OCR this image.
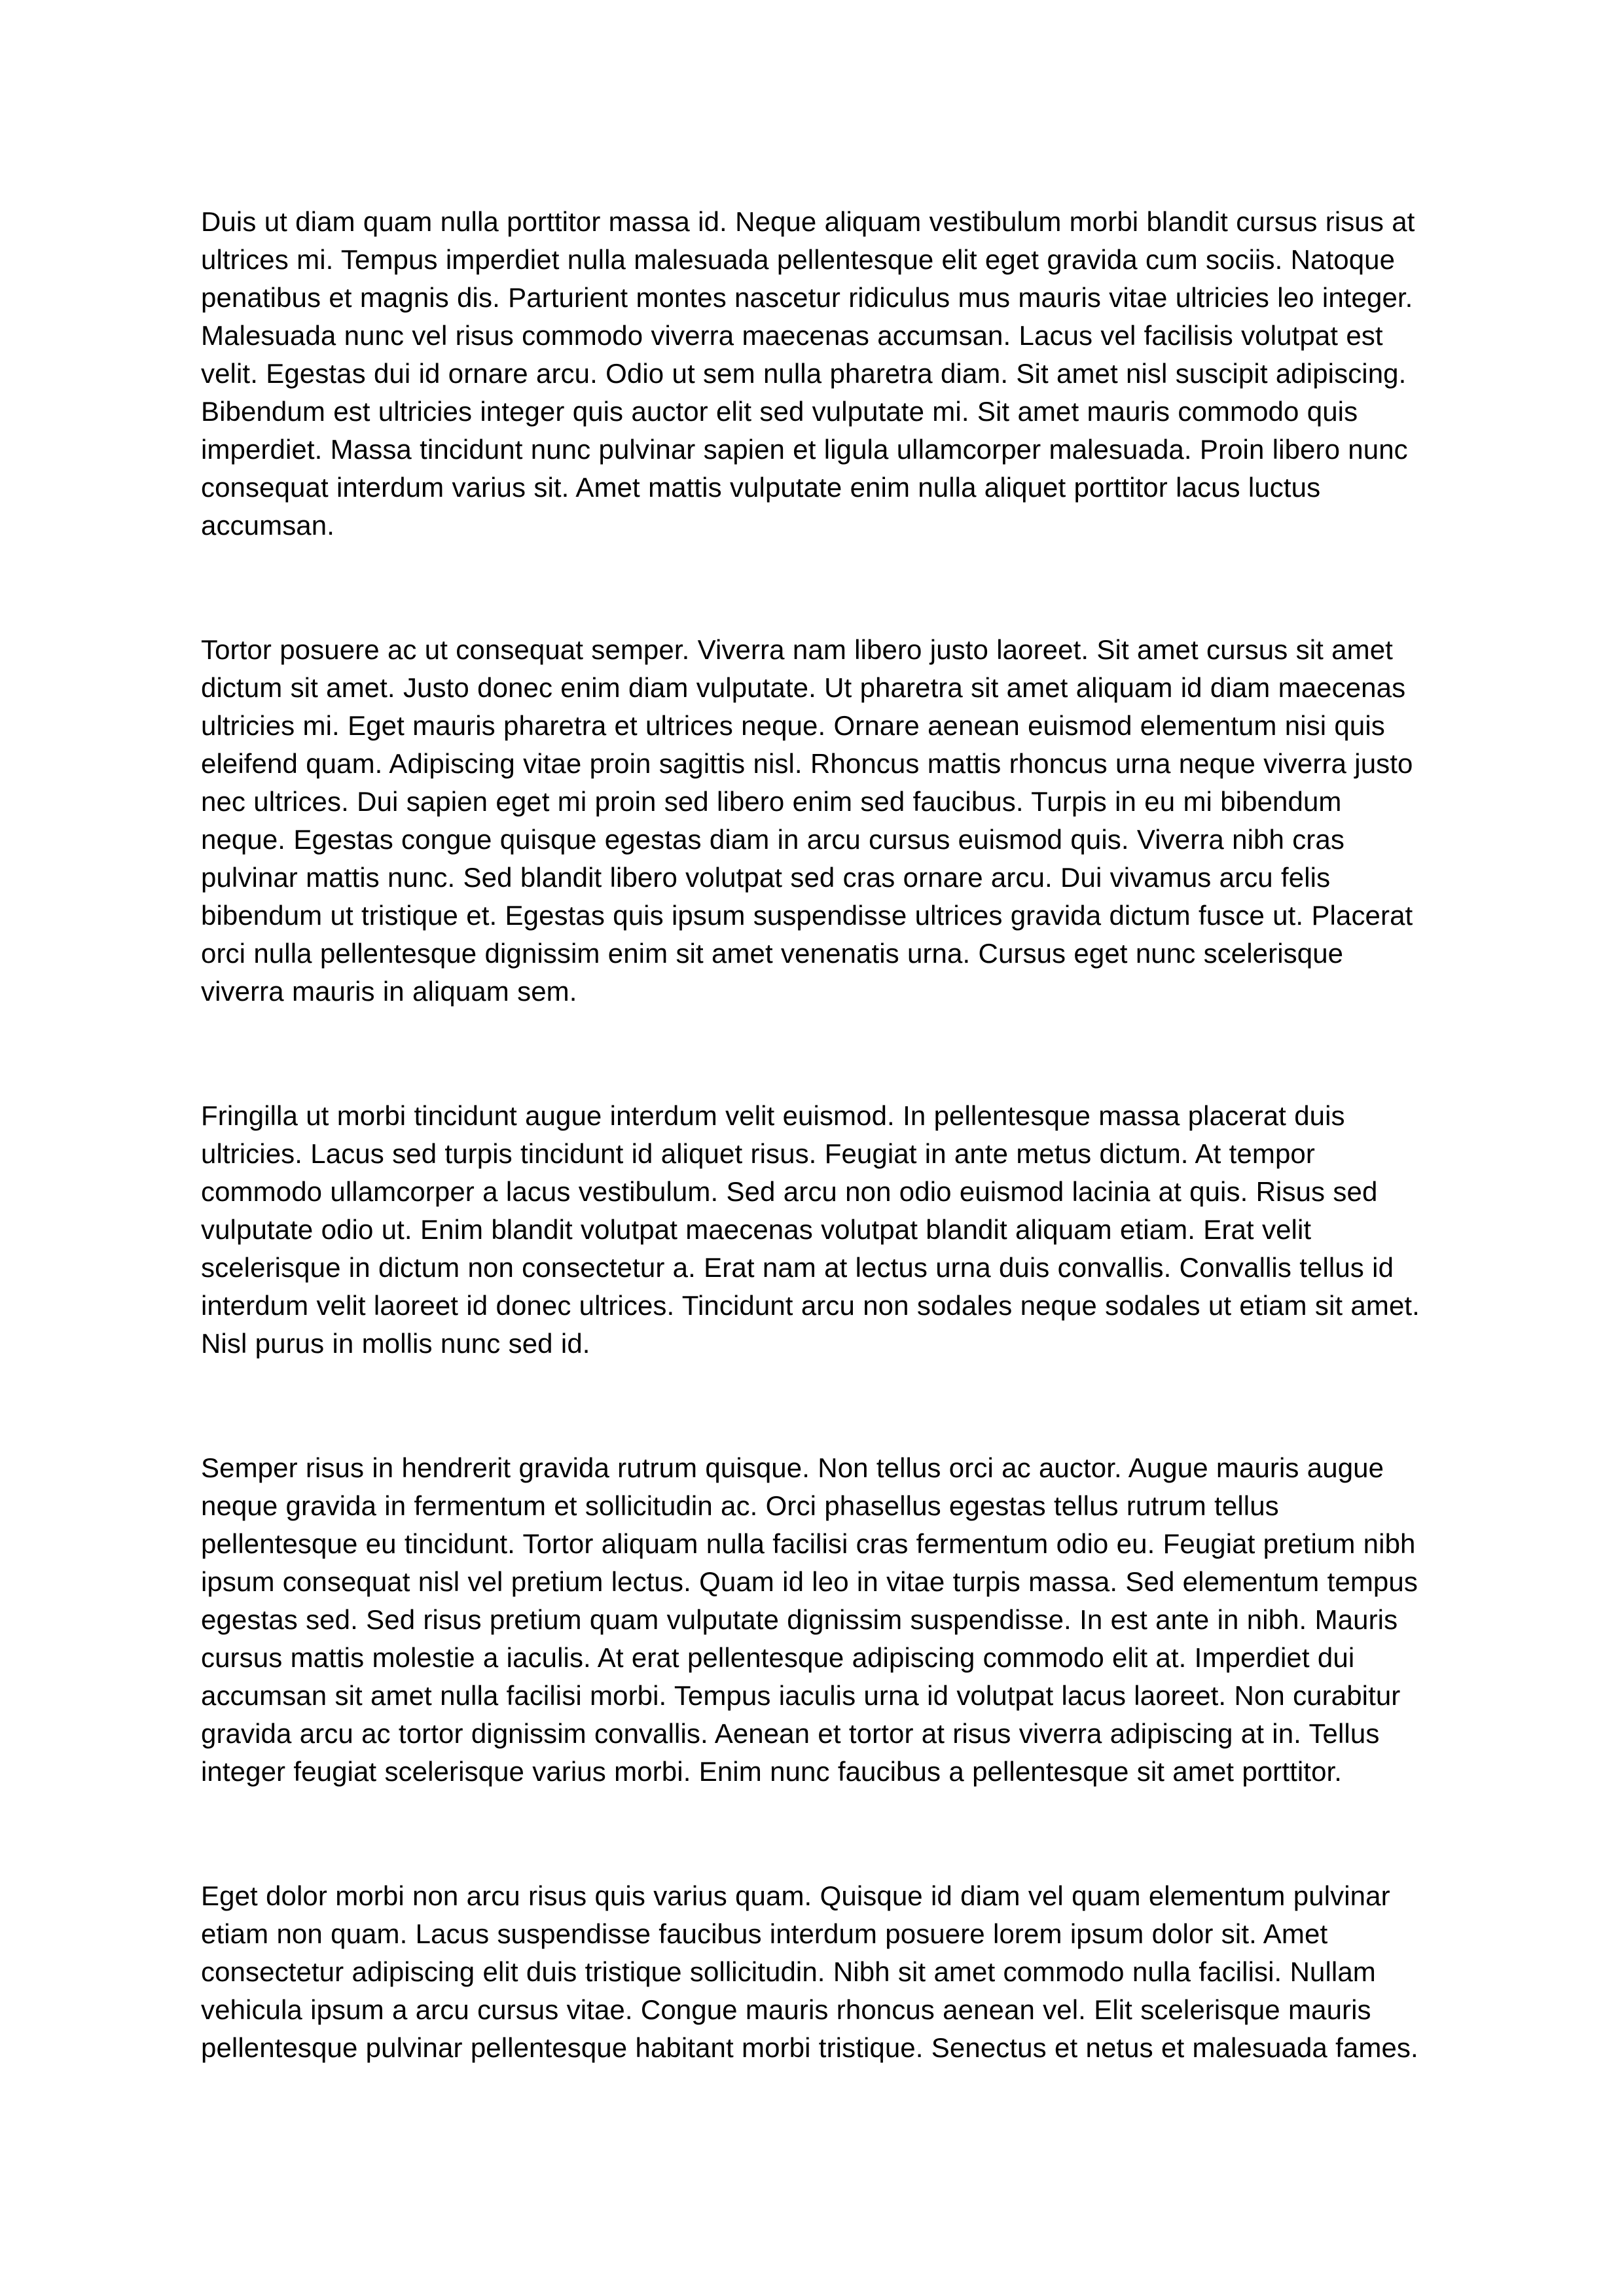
Duis ut diam quam nulla porttitor massa id. Neque aliquam vestibulum morbi blandit cursus risus at ultrices mi. Tempus imperdiet nulla malesuada pellentesque elit eget gravida cum sociis. Natoque penatibus et magnis dis. Parturient montes nascetur ridiculus mus mauris vitae ultricies leo integer. Malesuada nunc vel risus commodo viverra maecenas accumsan. Lacus vel facilisis volutpat est velit. Egestas dui id ornare arcu. Odio ut sem nulla pharetra diam. Sit amet nisl suscipit adipiscing. Bibendum est ultricies integer quis auctor elit sed vulputate mi. Sit amet mauris commodo quis imperdiet. Massa tincidunt nunc pulvinar sapien et ligula ullamcorper malesuada. Proin libero nunc consequat interdum varius sit. Amet mattis vulputate enim nulla aliquet porttitor lacus luctus accumsan.

Tortor posuere ac ut consequat semper. Viverra nam libero justo laoreet. Sit amet cursus sit amet dictum sit amet. Justo donec enim diam vulputate. Ut pharetra sit amet aliquam id diam maecenas ultricies mi. Eget mauris pharetra et ultrices neque. Ornare aenean euismod elementum nisi quis eleifend quam. Adipiscing vitae proin sagittis nisl. Rhoncus mattis rhoncus urna neque viverra justo nec ultrices. Dui sapien eget mi proin sed libero enim sed faucibus. Turpis in eu mi bibendum neque. Egestas congue quisque egestas diam in arcu cursus euismod quis. Viverra nibh cras pulvinar mattis nunc. Sed blandit libero volutpat sed cras ornare arcu. Dui vivamus arcu felis bibendum ut tristique et. Egestas quis ipsum suspendisse ultrices gravida dictum fusce ut. Placerat orci nulla pellentesque dignissim enim sit amet venenatis urna. Cursus eget nunc scelerisque viverra mauris in aliquam sem.

Fringilla ut morbi tincidunt augue interdum velit euismod. In pellentesque massa placerat duis ultricies. Lacus sed turpis tincidunt id aliquet risus. Feugiat in ante metus dictum. At tempor commodo ullamcorper a lacus vestibulum. Sed arcu non odio euismod lacinia at quis. Risus sed vulputate odio ut. Enim blandit volutpat maecenas volutpat blandit aliquam etiam. Erat velit scelerisque in dictum non consectetur a. Erat nam at lectus urna duis convallis. Convallis tellus id interdum velit laoreet id donec ultrices. Tincidunt arcu non sodales neque sodales ut etiam sit amet. Nisl purus in mollis nunc sed id.

Semper risus in hendrerit gravida rutrum quisque. Non tellus orci ac auctor. Augue mauris augue neque gravida in fermentum et sollicitudin ac. Orci phasellus egestas tellus rutrum tellus pellentesque eu tincidunt. Tortor aliquam nulla facilisi cras fermentum odio eu. Feugiat pretium nibh ipsum consequat nisl vel pretium lectus. Quam id leo in vitae turpis massa. Sed elementum tempus egestas sed. Sed risus pretium quam vulputate dignissim suspendisse. In est ante in nibh. Mauris cursus mattis molestie a iaculis. At erat pellentesque adipiscing commodo elit at. Imperdiet dui accumsan sit amet nulla facilisi morbi. Tempus iaculis urna id volutpat lacus laoreet. Non curabitur gravida arcu ac tortor dignissim convallis. Aenean et tortor at risus viverra adipiscing at in. Tellus integer feugiat scelerisque varius morbi. Enim nunc faucibus a pellentesque sit amet porttitor.

Eget dolor morbi non arcu risus quis varius quam. Quisque id diam vel quam elementum pulvinar etiam non quam. Lacus suspendisse faucibus interdum posuere lorem ipsum dolor sit. Amet consectetur adipiscing elit duis tristique sollicitudin. Nibh sit amet commodo nulla facilisi. Nullam vehicula ipsum a arcu cursus vitae. Congue mauris rhoncus aenean vel. Elit scelerisque mauris pellentesque pulvinar pellentesque habitant morbi tristique. Senectus et netus et malesuada fames.
